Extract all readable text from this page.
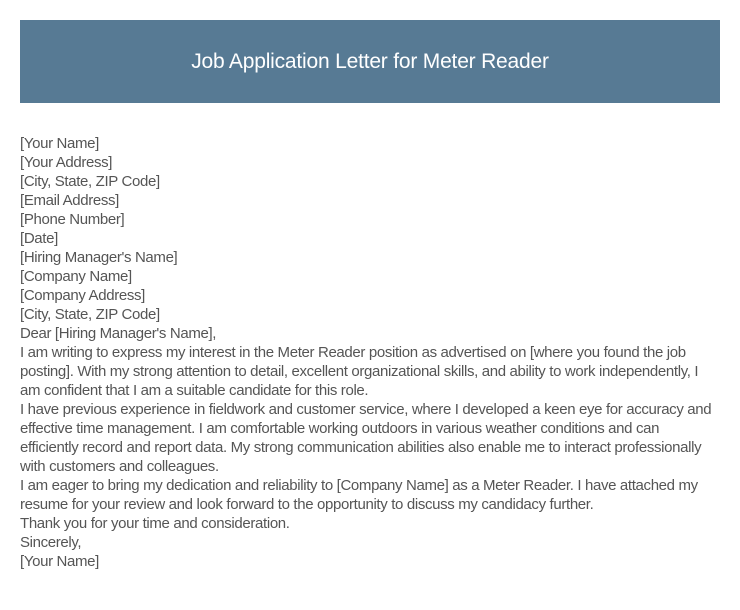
Job Application Letter for Meter Reader

[Your Name]

[Your Address]

[City, State, ZIP Code]

[Email Address]

[Phone Number]

[Date]

[Hiring Manager's Name]

[Company Name]

[Company Address]

[City, State, ZIP Code]

Dear [Hiring Manager's Name],

I am writing to express my interest in the Meter Reader position as advertised on [where you found the job posting]. With my strong attention to detail, excellent organizational skills, and ability to work independently, I am confident that I am a suitable candidate for this role.

I have previous experience in fieldwork and customer service, where I developed a keen eye for accuracy and effective time management. I am comfortable working outdoors in various weather conditions and can efficiently record and report data. My strong communication abilities also enable me to interact professionally with customers and colleagues.

I am eager to bring my dedication and reliability to [Company Name] as a Meter Reader. I have attached my resume for your review and look forward to the opportunity to discuss my candidacy further.

Thank you for your time and consideration.

Sincerely,

[Your Name]
